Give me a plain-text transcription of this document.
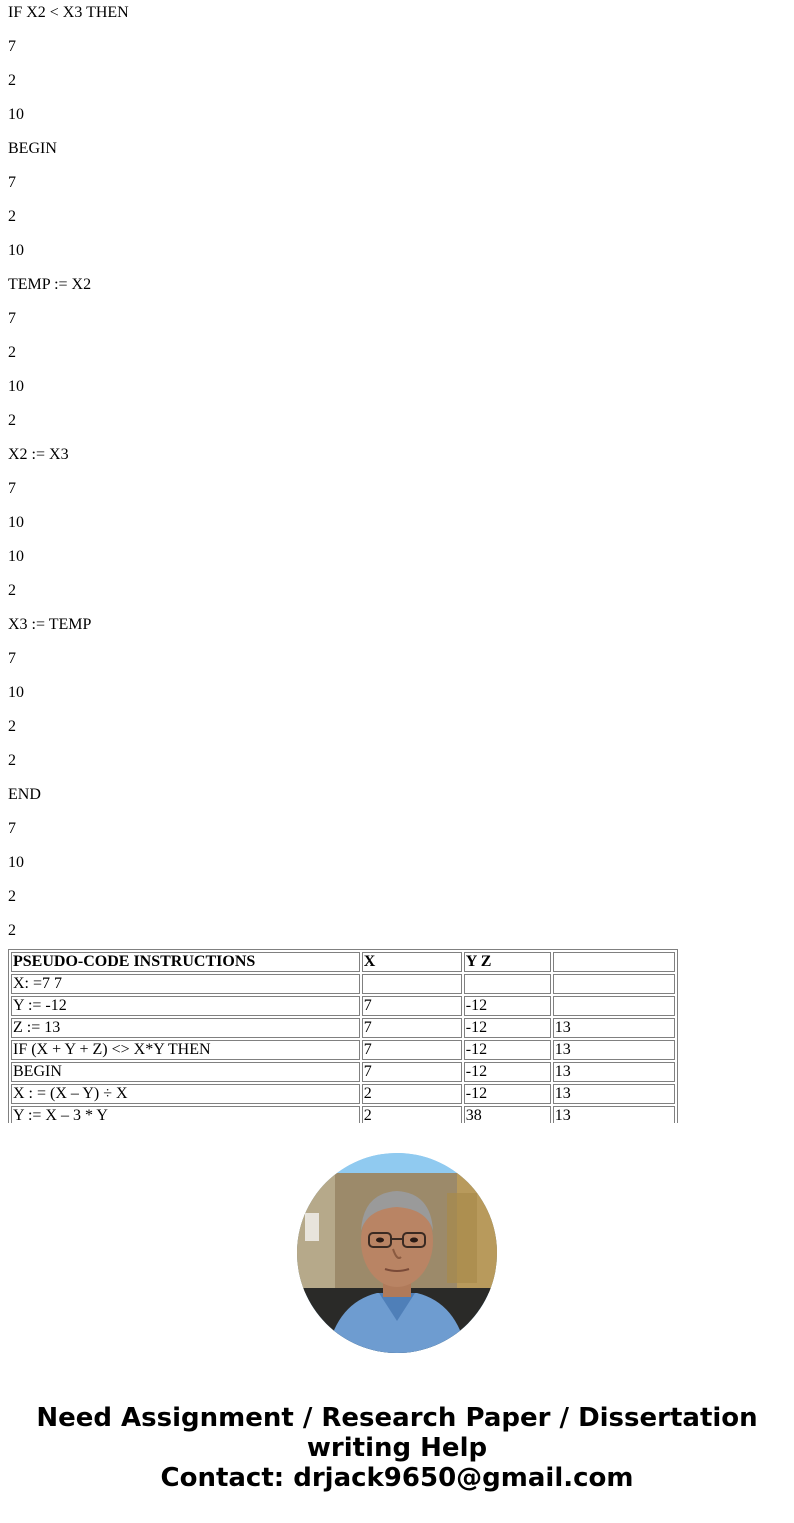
IF X2 < X3 THEN

7

2

10

BEGIN

7

2

10

TEMP := X2

7

2

10

2

X2 := X3

7

10

10

2

X3 := TEMP

7

10

2

2

END

7

10

2

2

PSEUDO-CODE INSTRUCTIONS	X	Y Z	
X: =7 7			
Y := -12	7	-12	
Z := 13	7	-12	13
IF (X + Y + Z) <> X*Y THEN	7	-12	13
BEGIN	7	-12	13
X : = (X – Y) ÷ X	2	-12	13
Y := X – 3 * Y	2	38	13
Need Assignment / Research Paper / Dissertation
writing Help
Contact: drjack9650@gmail.com
